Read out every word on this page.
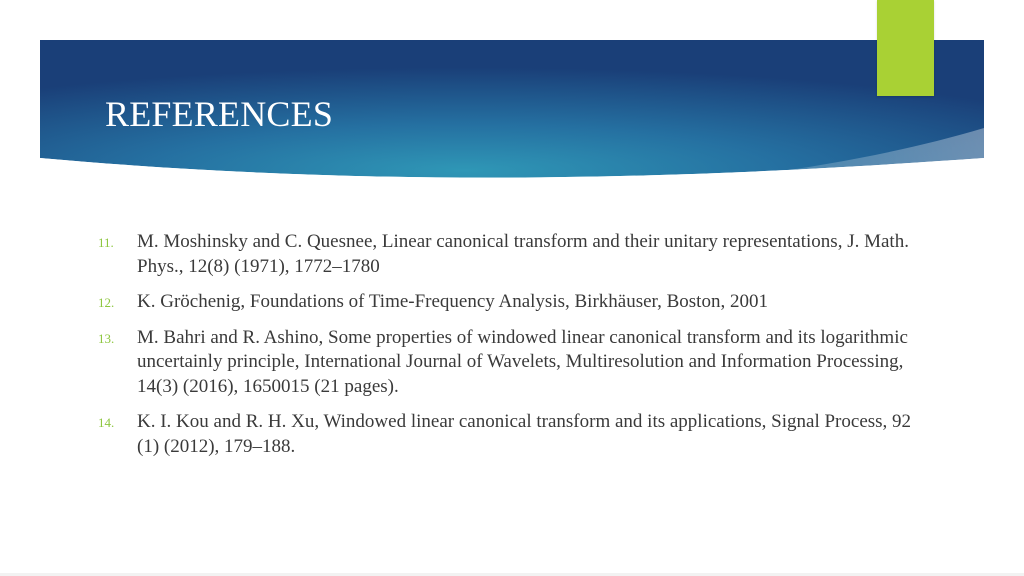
REFERENCES
11. M. Moshinsky and C. Quesnee, Linear canonical transform and their unitary representations, J. Math. Phys., 12(8) (1971), 1772–1780
12. K. Gröchenig, Foundations of Time-Frequency Analysis, Birkhäuser, Boston, 2001
13. M. Bahri and R. Ashino, Some properties of windowed linear canonical transform and its logarithmic uncertainly principle, International Journal of Wavelets, Multiresolution and Information Processing, 14(3) (2016), 1650015 (21 pages).
14. K. I. Kou and R. H. Xu, Windowed linear canonical transform and its applications, Signal Process, 92 (1) (2012), 179–188.
